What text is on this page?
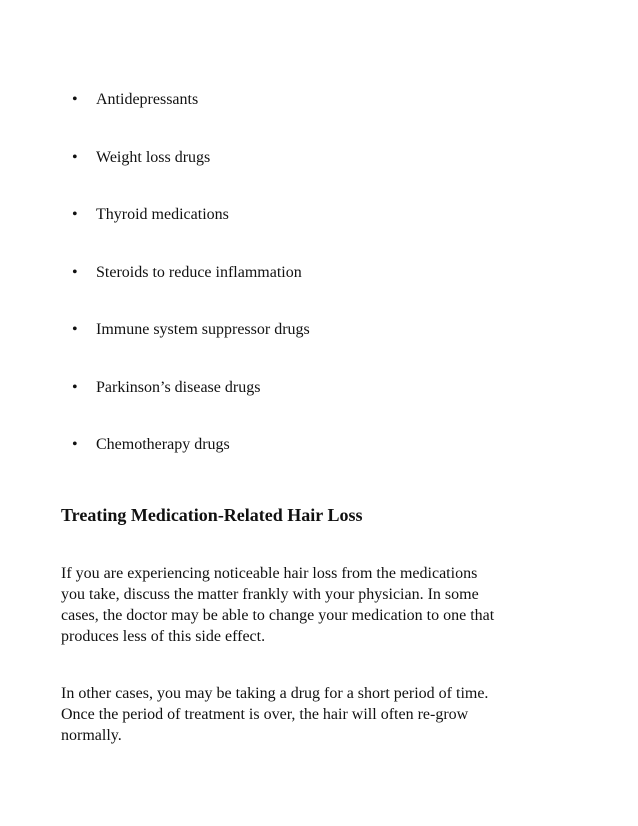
•	Antidepressants
•	Weight loss drugs
•	Thyroid medications
•	Steroids to reduce inflammation
•	Immune system suppressor drugs
•	Parkinson’s disease drugs
•	Chemotherapy drugs
Treating Medication-Related Hair Loss

If you are experiencing noticeable hair loss from the medications
you take, discuss the matter frankly with your physician. In some
cases, the doctor may be able to change your medication to one that
produces less of this side effect.

In other cases, you may be taking a drug for a short period of time.
Once the period of treatment is over, the hair will often re-grow
normally.
